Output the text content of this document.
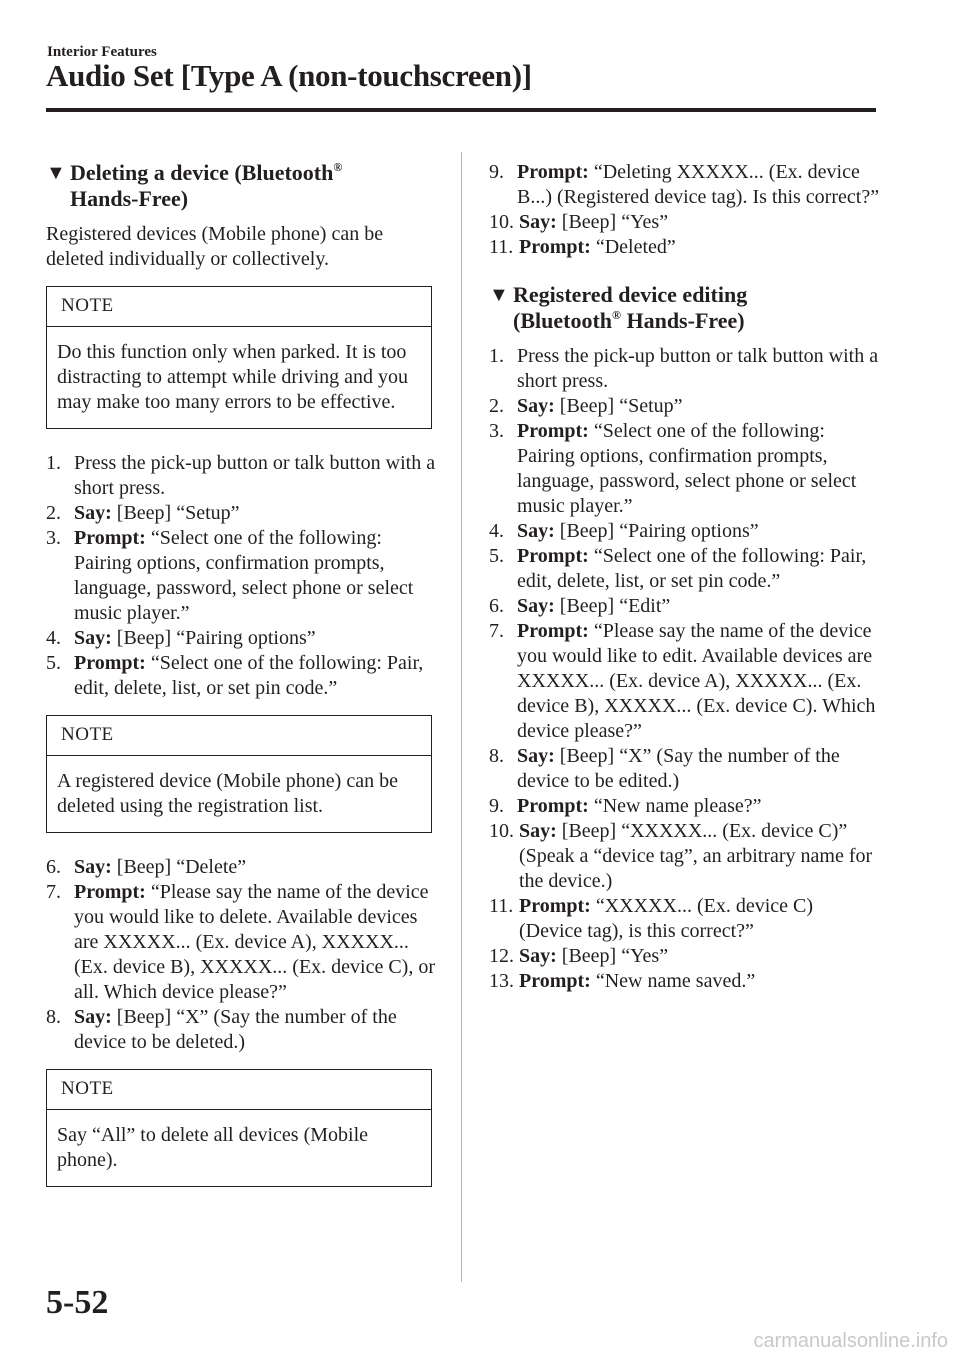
Interior Features
Audio Set [Type A (non-touchscreen)]
▼ Deleting a device (Bluetooth®
Hands-Free)

Registered devices (Mobile phone) can be deleted individually or collectively.

NOTE
Do this function only when parked. It is too distracting to attempt while driving and you may make too many errors to be effective.
1. Press the pick-up button or talk button with a short press.
2. Say: [Beep] “Setup”
3. Prompt: “Select one of the following: Pairing options, confirmation prompts, language, password, select phone or select music player.”
4. Say: [Beep] “Pairing options”
5. Prompt: “Select one of the following: Pair, edit, delete, list, or set pin code.”
NOTE
A registered device (Mobile phone) can be deleted using the registration list.
6. Say: [Beep] “Delete”
7. Prompt: “Please say the name of the device you would like to delete. Available devices are XXXXX... (Ex. device A), XXXXX... (Ex. device B), XXXXX... (Ex. device C), or all. Which device please?”
8. Say: [Beep] “X” (Say the number of the device to be deleted.)
NOTE
Say “All” to delete all devices (Mobile phone).
9. Prompt: “Deleting XXXXX... (Ex. device B...) (Registered device tag). Is this correct?”
10. Say: [Beep] “Yes”
11. Prompt: “Deleted”
▼ Registered device editing
(Bluetooth® Hands-Free)
1. Press the pick-up button or talk button with a short press.
2. Say: [Beep] “Setup”
3. Prompt: “Select one of the following: Pairing options, confirmation prompts, language, password, select phone or select music player.”
4. Say: [Beep] “Pairing options”
5. Prompt: “Select one of the following: Pair, edit, delete, list, or set pin code.”
6. Say: [Beep] “Edit”
7. Prompt: “Please say the name of the device you would like to edit. Available devices are XXXXX... (Ex. device A), XXXXX... (Ex. device B), XXXXX... (Ex. device C). Which device please?”
8. Say: [Beep] “X” (Say the number of the device to be edited.)
9. Prompt: “New name please?”
10. Say: [Beep] “XXXXX... (Ex. device C)” (Speak a “device tag”, an arbitrary name for the device.)
11. Prompt: “XXXXX... (Ex. device C) (Device tag), is this correct?”
12. Say: [Beep] “Yes”
13. Prompt: “New name saved.”
5-52
carmanualsonline.info
